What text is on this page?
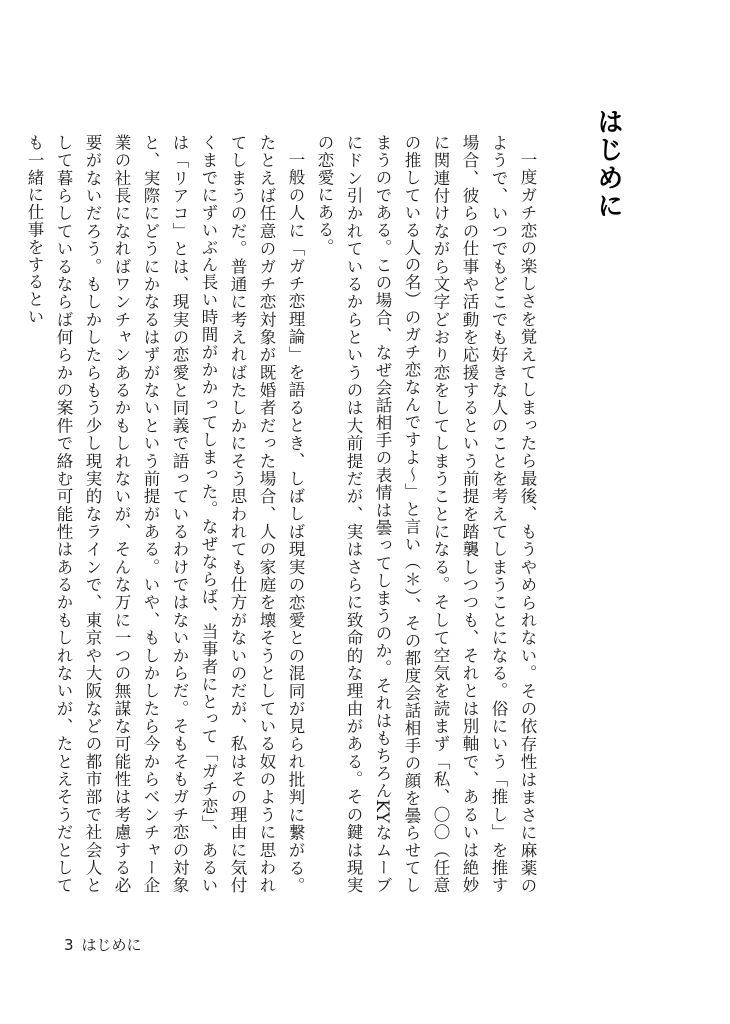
はじめに

一度ガチ恋の楽しさを覚えてしまったら最後、もうやめられない。その依存性はまさに麻薬のようで、いつでもどこでも好きな人のことを考えてしまうことになる。俗にいう「推し」を推す場合、彼らの仕事や活動を応援するという前提を踏襲しつつも、それとは別軸で、あるいは絶妙に関連付けながら文字どおり恋をしてしまうことになる。そして空気を読まず「私、〇〇（任意の推している人の名）のガチ恋なんですよ〜」と言い（＊）、その都度会話相手の顔を曇らせてしまうのである。この場合、なぜ会話相手の表情は曇ってしまうのか。それはもちろんKYなムーブにドン引かれているからというのは大前提だが、実はさらに致命的な理由がある。その鍵は現実の恋愛にある。

一般の人に「ガチ恋理論」を語るとき、しばしば現実の恋愛との混同が見られ批判に繋がる。たとえば任意のガチ恋対象が既婚者だった場合、人の家庭を壊そうとしている奴のように思われてしまうのだ。普通に考えればたしかにそう思われても仕方がないのだが、私はその理由に気付くまでにずいぶん長い時間がかかってしまった。なぜならば、当事者にとって「ガチ恋」、あるいは「リアコ」とは、現実の恋愛と同義で語っているわけではないからだ。そもそもガチ恋の対象と、実際にどうにかなるはずがないという前提がある。いや、もしかしたら今からベンチャー企業の社長になればワンチャンあるかもしれないが、そんな万に一つの無謀な可能性は考慮する必要がないだろう。もしかしたらもう少し現実的なラインで、東京や大阪などの都市部で社会人として暮らしているならば何らかの案件で絡む可能性はあるかもしれないが、たとえそうだとしても一緒に仕事をするとい

3 はじめに
